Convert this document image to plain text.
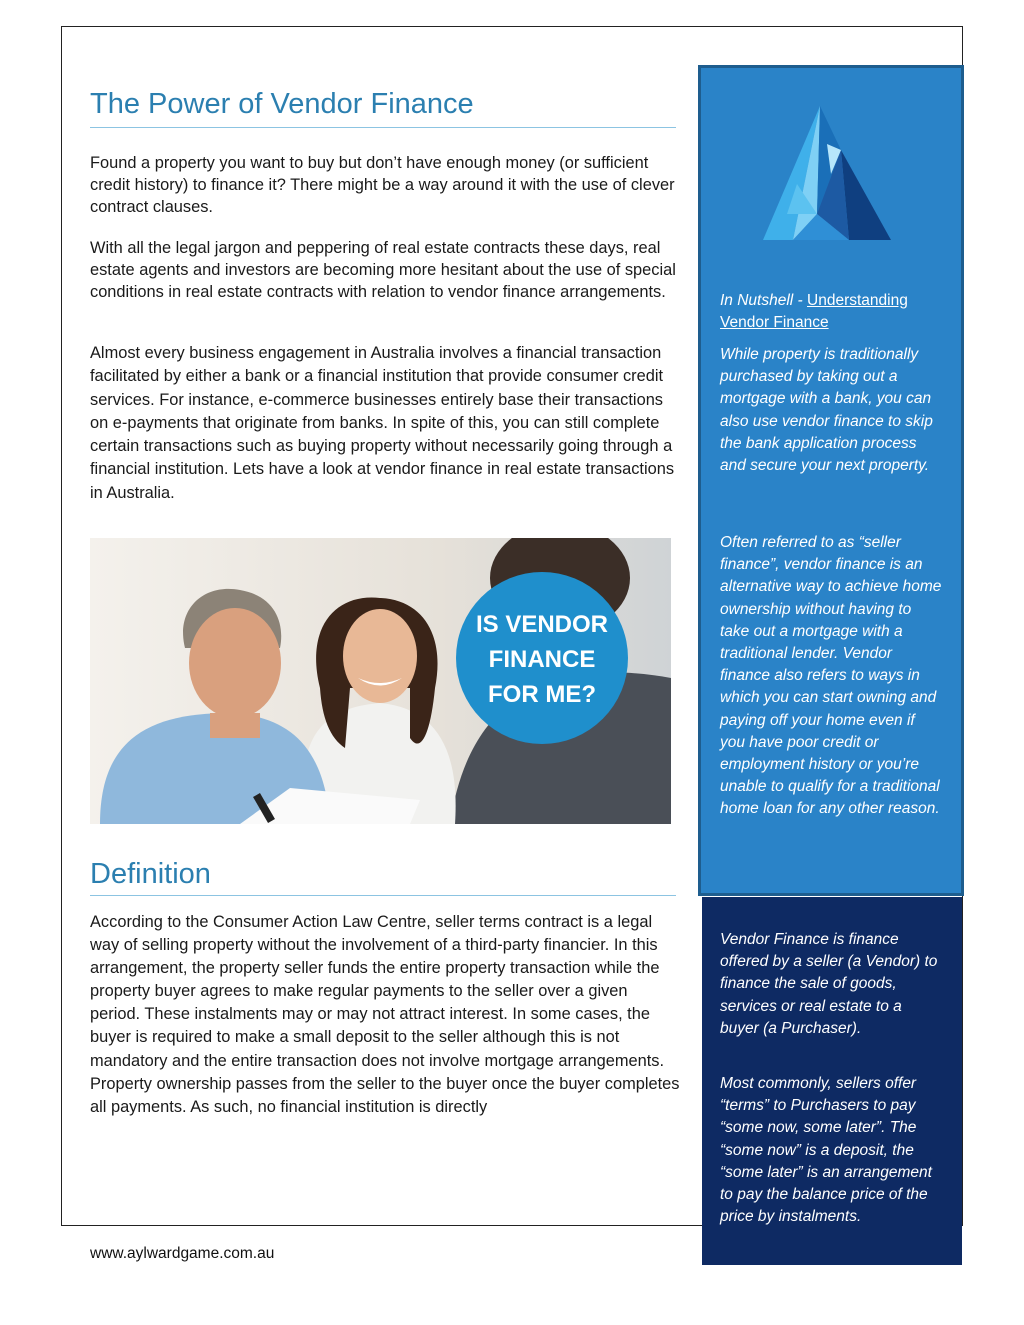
The Power of Vendor Finance

Found a property you want to buy but don’t have enough money (or sufficient credit history) to finance it? There might be a way around it with the use of clever contract clauses.

With all the legal jargon and peppering of real estate contracts these days, real estate agents and investors are becoming more hesitant about the use of special conditions in real estate contracts with relation to vendor finance arrangements.

Almost every business engagement in Australia involves a financial transaction facilitated by either a bank or a financial institution that provide consumer credit services. For instance, e-commerce businesses entirely base their transactions on e-payments that originate from banks. In spite of this, you can still complete certain transactions such as buying property without necessarily going through a financial institution. Lets have a look at vendor finance in real estate transactions in Australia.

IS VENDOR
FINANCE
FOR ME?
Definition

According to the Consumer Action Law Centre, seller terms contract is a legal way of selling property without the involvement of a third-party financier. In this arrangement, the property seller funds the entire property transaction while the property buyer agrees to make regular payments to the seller over a given period. These instalments may or may not attract interest. In some cases, the buyer is required to make a small deposit to the seller although this is not mandatory and the entire transaction does not involve mortgage arrangements. Property ownership passes from the seller to the buyer once the buyer completes all payments. As such, no financial institution is directly

In Nutshell - Understanding Vendor Finance

While property is traditionally purchased by taking out a mortgage with a bank, you can also use vendor finance to skip the bank application process and secure your next property.

Often referred to as “seller finance”, vendor finance is an alternative way to achieve home ownership without having to take out a mortgage with a traditional lender. Vendor finance also refers to ways in which you can start owning and paying off your home even if you have poor credit or employment history or you’re unable to qualify for a traditional home loan for any other reason.

Vendor Finance is finance offered by a seller (a Vendor) to finance the sale of goods, services or real estate to a buyer (a Purchaser).

Most commonly, sellers offer “terms” to Purchasers to pay “some now, some later”. The “some now” is a deposit, the “some later” is an arrangement to pay the balance price of the price by instalments.

www.aylwardgame.com.au
